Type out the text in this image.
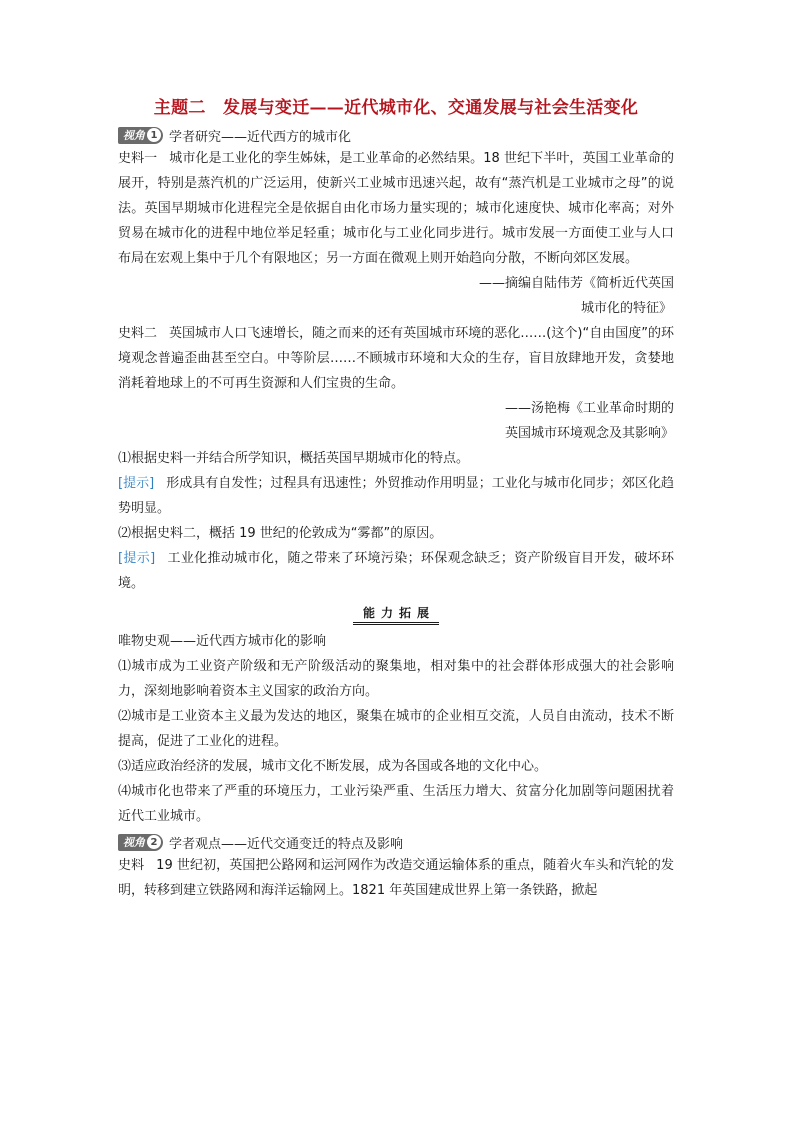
主题二　发展与变迁——近代城市化、交通发展与社会生活变化
视角 1 学者研究——近代西方的城市化

史料一 城市化是工业化的孪生姊妹，是工业革命的必然结果。18 世纪下半叶，英国工业革命的展开，特别是蒸汽机的广泛运用，使新兴工业城市迅速兴起，故有“蒸汽机是工业城市之母”的说法。英国早期城市化进程完全是依据自由化市场力量实现的；城市化速度快、城市化率高；对外贸易在城市化的进程中地位举足轻重；城市化与工业化同步进行。城市发展一方面使工业与人口布局在宏观上集中于几个有限地区；另一方面在微观上则开始趋向分散，不断向郊区发展。

——摘编自陆伟芳《简析近代英国

城市化的特征》

史料二 英国城市人口飞速增长，随之而来的还有英国城市环境的恶化……(这个)“自由国度”的环境观念普遍歪曲甚至空白。中等阶层……不顾城市环境和大众的生存，盲目放肆地开发，贪婪地消耗着地球上的不可再生资源和人们宝贵的生命。

——汤艳梅《工业革命时期的

英国城市环境观念及其影响》

⑴根据史料一并结合所学知识，概括英国早期城市化的特点。

[提示] 形成具有自发性；过程具有迅速性；外贸推动作用明显；工业化与城市化同步；郊区化趋势明显。

⑵根据史料二，概括 19 世纪的伦敦成为“雾都”的原因。

[提示] 工业化推动城市化，随之带来了环境污染；环保观念缺乏；资产阶级盲目开发，破坏环境。

能力拓展

唯物史观——近代西方城市化的影响

⑴城市成为工业资产阶级和无产阶级活动的聚集地，相对集中的社会群体形成强大的社会影响力，深刻地影响着资本主义国家的政治方向。

⑵城市是工业资本主义最为发达的地区，聚集在城市的企业相互交流，人员自由流动，技术不断提高，促进了工业化的进程。

⑶适应政治经济的发展，城市文化不断发展，成为各国或各地的文化中心。

⑷城市化也带来了严重的环境压力，工业污染严重、生活压力增大、贫富分化加剧等问题困扰着近代工业城市。

视角 2 学者观点——近代交通变迁的特点及影响

史料 19 世纪初，英国把公路网和运河网作为改造交通运输体系的重点，随着火车头和汽轮的发明，转移到建立铁路网和海洋运输网上。1821 年英国建成世界上第一条铁路，掀起
